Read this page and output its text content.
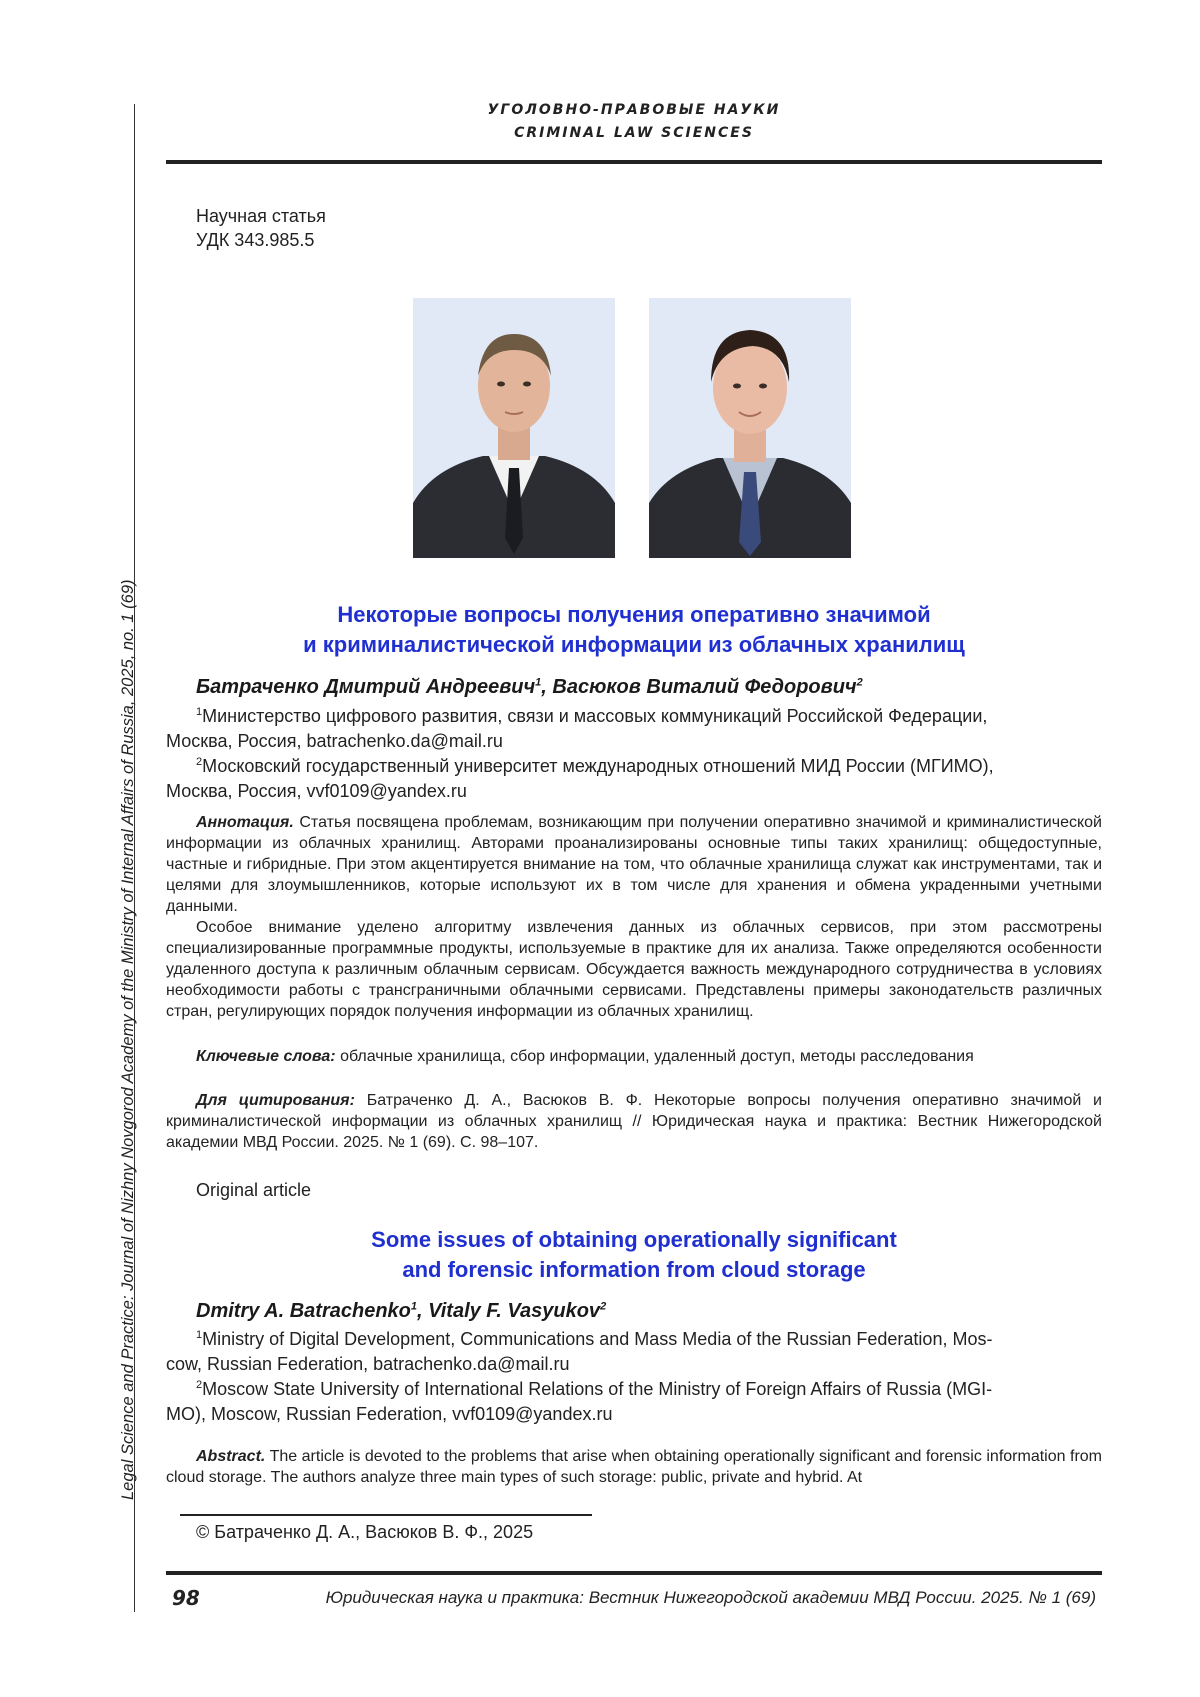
Legal Science and Practice: Journal of Nizhny Novgorod Academy of the Ministry of Internal Affairs of Russia, 2025, no. 1 (69)
УГОЛОВНО-ПРАВОВЫЕ НАУКИ
CRIMINAL LAW SCIENCES
Научная статья
УДК 343.985.5
Некоторые вопросы получения оперативно значимой
и криминалистической информации из облачных хранилищ
Батраченко Дмитрий Андреевич1, Васюков Виталий Федорович2
1Министерство цифрового развития, связи и массовых коммуникаций Российской Федерации,
Москва, Россия, batrachenko.da@mail.ru
2Московский государственный университет международных отношений МИД России (МГИМО),
Москва, Россия, vvf0109@yandex.ru

Аннотация. Статья посвящена проблемам, возникающим при получении оперативно значимой и криминалистической информации из облачных хранилищ. Авторами проанализированы основные типы таких хранилищ: общедоступные, частные и гибридные. При этом акцентируется внимание на том, что облачные хранилища служат как инструментами, так и целями для злоумышленников, которые используют их в том числе для хранения и обмена украденными учетными данными.

Особое внимание уделено алгоритму извлечения данных из облачных сервисов, при этом рассмотрены специализированные программные продукты, используемые в практике для их анализа. Также определяются особенности удаленного доступа к различным облачным сервисам. Обсуждается важность международного сотрудничества в условиях необходимости работы с трансграничными облачными сервисами. Представлены примеры законодательств различных стран, регулирующих порядок получения информации из облачных хранилищ.

Ключевые слова: облачные хранилища, сбор информации, удаленный доступ, методы расследования

Для цитирования: Батраченко Д. А., Васюков В. Ф. Некоторые вопросы получения оперативно значимой и криминалистической информации из облачных хранилищ // Юридическая наука и практика: Вестник Нижегородской академии МВД России. 2025. № 1 (69). С. 98–107.

Original article
Some issues of obtaining operationally significant
and forensic information from cloud storage
Dmitry A. Batrachenko1, Vitaly F. Vasyukov2
1Ministry of Digital Development, Communications and Mass Media of the Russian Federation, Mos-
cow, Russian Federation, batrachenko.da@mail.ru
2Moscow State University of International Relations of the Ministry of Foreign Affairs of Russia (MGI-
MO), Moscow, Russian Federation, vvf0109@yandex.ru

Abstract. The article is devoted to the problems that arise when obtaining operationally significant and forensic information from cloud storage. The authors analyze three main types of such storage: public, private and hybrid. At

© Батраченко Д. А., Васюков В. Ф., 2025
98	Юридическая наука и практика: Вестник Нижегородской академии МВД России. 2025. № 1 (69)
